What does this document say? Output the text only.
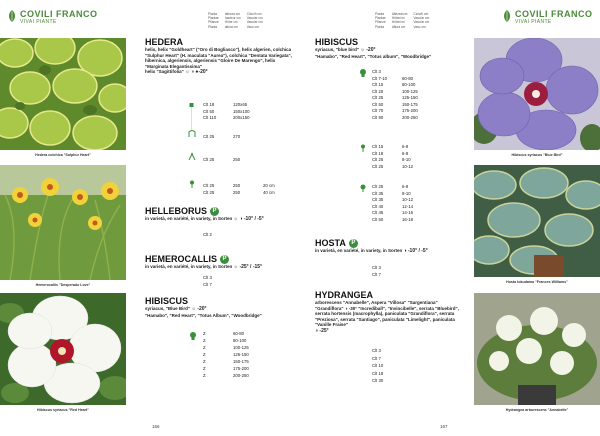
COVILI FRANCO
VIVAI PIANTE
Pianta
Plantae
Pflanze
Planta
altezza cm
hauteur cm
Höhe cm
altura cm
Ciclo/h cm
Vaso/ar cm
Vaso/ar cm
Vaso cm
Hedera colchica "Sulphur Heart"
Hemerocallis "Desperado Love"
Hibiscus syriacus "Red Heart"
HEDERA
helix, helix "Goldheart" ("Oro di Bogliasco"), helix algerien, colchica "Sulphur Heart" (H. maculata "Aurea"), colchica "Dentata Variegata", hibernica, algeriensis, algeriensis "Gloire De Marengo", helix "Marginata Elegantissima"
helix "Sagittifolia" ☼ ◑ ●-20°
Clt 18	120x65
Clt 50	150x100
Clt 110	200x150
Clt 25	270
Clt 25	250
Clt 25	250	20 cm
Clt 25	250	40 cm
HELLEBORUS P
in varietà, en variété, in variety, in Sorten ☼ ◑ -10° / -5°
Clt 2
HEMEROCALLIS P
in varietà, en variété, in variety, in Sorten ☼ -25° / -15°
Clt 3
Clt 7
HIBISCUS
syriacus, "Blue Bird" ☼ -20°
"Hamabo", "Red Heart", "Totus Album", "Woodbridge"
Z	60-80
Z	80-100
Z	100-125
Z	125-150
Z	150-175
Z	175-200
Z	200-250
166
Pianta
Plantae
Pflanze
Planta
Altezza/cm
Höhe/cm
Höhe/cm
Altura cm
Ciclo/h cm
Vaso/ar cm
Vaso/ar cm
Vaso cm
COVILI FRANCO
VIVAI PIANTE
Hibiscus syriacus "Blue Bird"
Hosta tokudama "Frances Williams"
Hydrangea arborescens "Annabelle"
HIBISCUS
syriacus, "blue bird" ☼ -20°
"Hamabo", "Red Heart", "Totus album", "Woodbridge"
Clt 3
Clt 7-10	60-80
Clt 15	80-100
Clt 20	100-125
Clt 25	125-150
Clt 50	150-175
Clt 70	175-200
Clt 90	200-250
Clt 15	6-8
Clt 18	6-8
Clt 25	8-10
Clt 25	10-12
Clt 25	6-8
Clt 35	8-10
Clt 35	10-12
Clt 40	12-14
Clt 45	14-16
Clt 50	16-18
HOSTA P
in varietà, en variété, in variety, in Sorten ◑ -10° / -5°
Clt 3
Clt 7
HYDRANGEA
arborescens "Annabelle", Aspera "Villosa" "Sargentiana" "Grandiflora" ◑ -30° "Incrediball", "Invincibelle", serrata "Bluebird", serrata hortensis (macrophylla), paniculata "Grandiflora", serrata "Preziosa", serrata "Santiago", paniculata "Limelight", paniculata "Vanille Fraise"
◑ -25°
Clt 3
Clt 7
Clt 10
Clt 18
Clt 30
167
